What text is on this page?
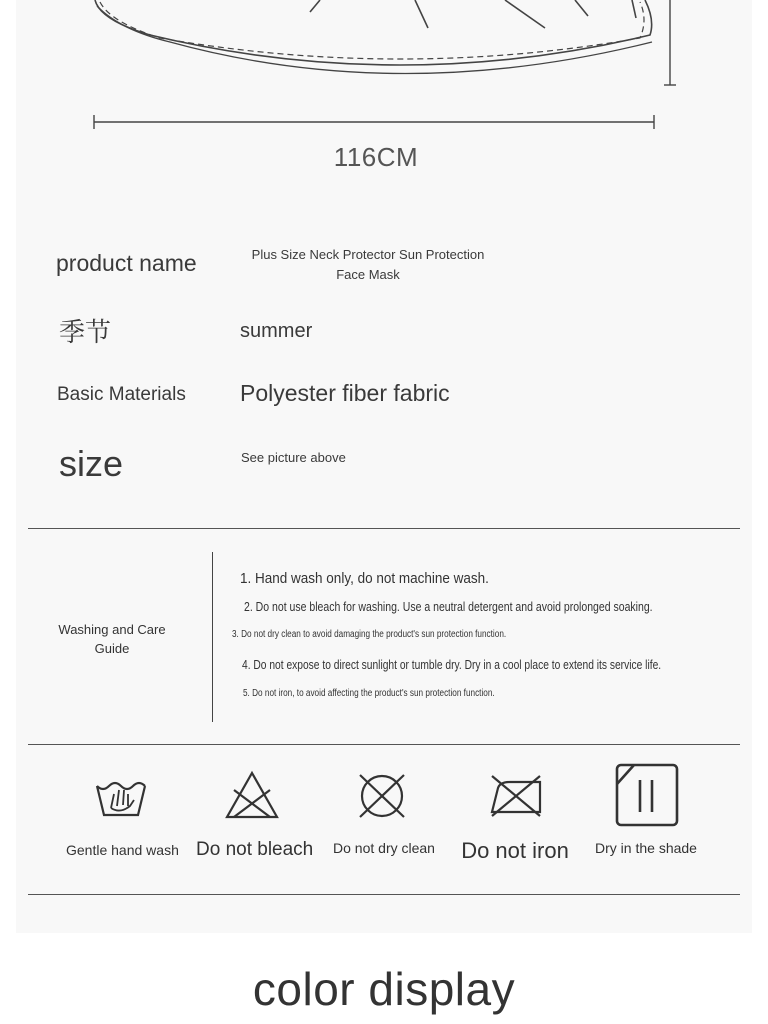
116CM
product name	Plus Size Neck Protector Sun Protection Face Mask
季节	summer
Basic Materials Polyester fiber fabric
size	See picture above
Washing and Care Guide
1. Hand wash only, do not machine wash.
2. Do not use bleach for washing. Use a neutral detergent and avoid prolonged soaking.
3. Do not dry clean to avoid damaging the product's sun protection function.
4. Do not expose to direct sunlight or tumble dry. Dry in a cool place to extend its service life.
5. Do not iron, to avoid affecting the product's sun protection function.
Gentle hand wash Do not bleach	Do not dry clean Do not iron	Dry in the shade
color display
